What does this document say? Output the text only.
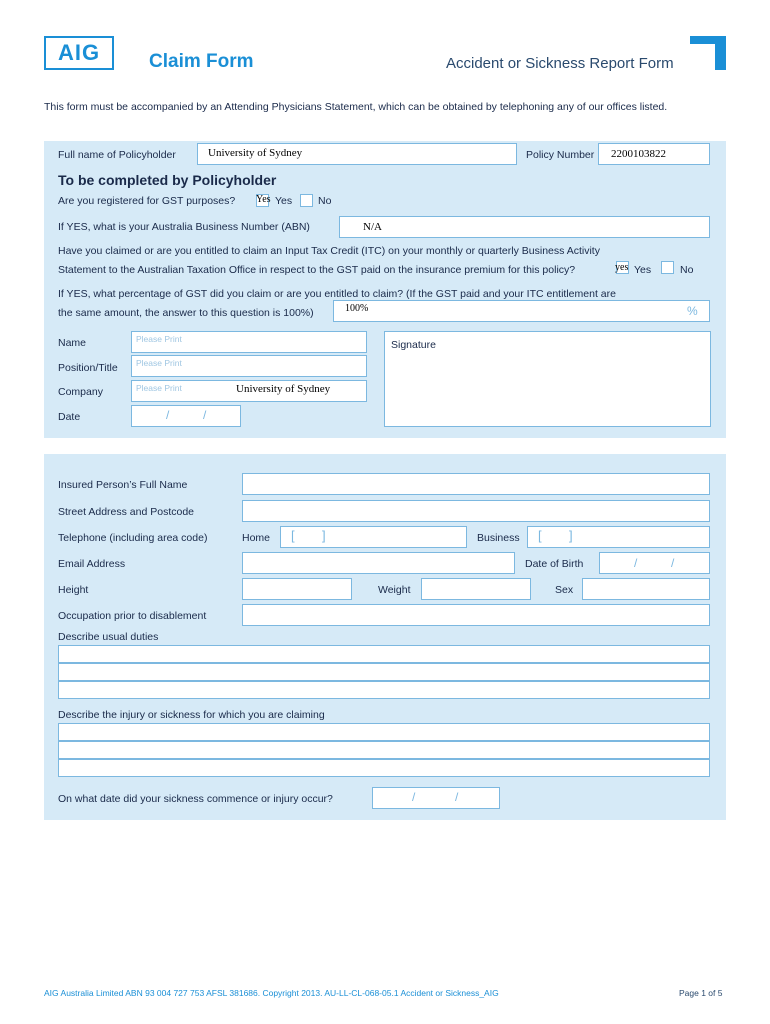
AIG	Claim Form	Accident or Sickness Report Form
This form must be accompanied by an Attending Physicians Statement, which can be obtained by telephoning any of our offices listed.
Full name of Policyholder	University of Sydney	Policy Number 2200103822
To be completed by Policyholder
Are you registered for GST purposes? Yes Yes No
If YES, what is your Australia Business Number (ABN)	N/A
Have you claimed or are you entitled to claim an Input Tax Credit (ITC) on your monthly or quarterly Business Activity
Statement to the Australian Taxation Office in respect to the GST paid on the insurance premium for this policy?	yes Yes	No
If YES, what percentage of GST did you claim or are you entitled to claim? (If the GST paid and your ITC entitlement are
the same amount, the answer to this question is 100%)	100%	%
Name	Please Print
Position/Title Please Print
Company	Please Print	University of Sydney
Date	/	/
Signature
Insured Person’s Full Name
Street Address and Postcode
Telephone (including area code)	Home [ ]	Business [ ]
Email Address	Date of Birth	/	/
Height	Weight	Sex
Occupation prior to disablement
Describe usual duties
Describe the injury or sickness for which you are claiming
On what date did your sickness commence or injury occur?	/	/
AIG Australia Limited ABN 93 004 727 753 AFSL 381686. Copyright 2013. AU-LL-CL-068-05.1 Accident or Sickness_AIG	Page 1 of 5
